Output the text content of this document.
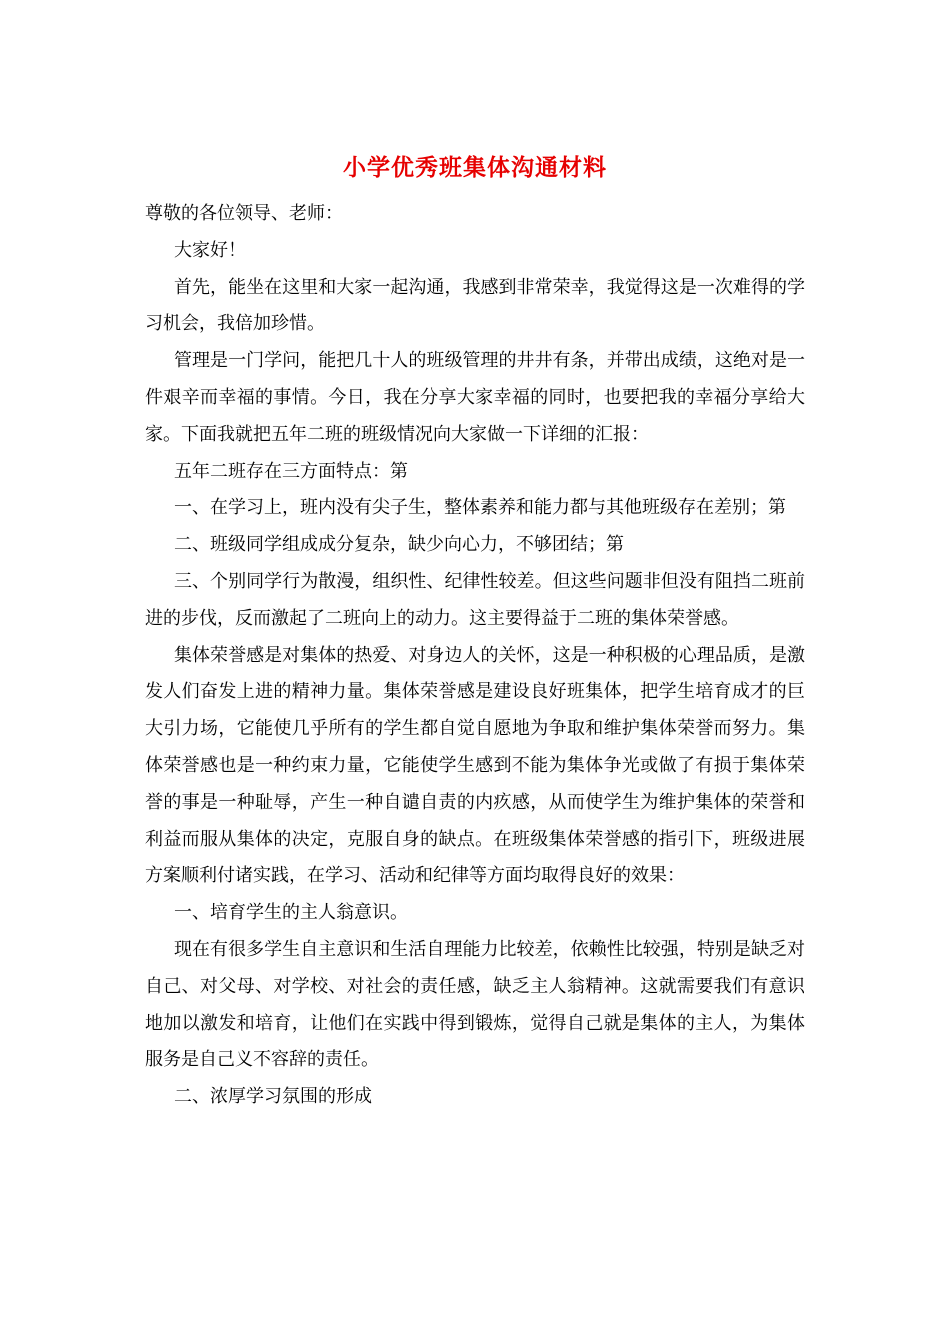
小学优秀班集体沟通材料

尊敬的各位领导、老师：

大家好！

首先，能坐在这里和大家一起沟通，我感到非常荣幸，我觉得这是一次难得的学习机会，我倍加珍惜。

管理是一门学问，能把几十人的班级管理的井井有条，并带出成绩，这绝对是一件艰辛而幸福的事情。今日，我在分享大家幸福的同时，也要把我的幸福分享给大家。下面我就把五年二班的班级情况向大家做一下详细的汇报：

五年二班存在三方面特点：第

一、在学习上，班内没有尖子生，整体素养和能力都与其他班级存在差别；第

二、班级同学组成成分复杂，缺少向心力，不够团结；第

三、个别同学行为散漫，组织性、纪律性较差。但这些问题非但没有阻挡二班前进的步伐，反而激起了二班向上的动力。这主要得益于二班的集体荣誉感。

集体荣誉感是对集体的热爱、对身边人的关怀，这是一种积极的心理品质，是激发人们奋发上进的精神力量。集体荣誉感是建设良好班集体，把学生培育成才的巨大引力场，它能使几乎所有的学生都自觉自愿地为争取和维护集体荣誉而努力。集体荣誉感也是一种约束力量，它能使学生感到不能为集体争光或做了有损于集体荣誉的事是一种耻辱，产生一种自谴自责的内疚感，从而使学生为维护集体的荣誉和利益而服从集体的决定，克服自身的缺点。在班级集体荣誉感的指引下，班级进展方案顺利付诸实践，在学习、活动和纪律等方面均取得良好的效果：

一、培育学生的主人翁意识。

现在有很多学生自主意识和生活自理能力比较差，依赖性比较强，特别是缺乏对自己、对父母、对学校、对社会的责任感，缺乏主人翁精神。这就需要我们有意识地加以激发和培育，让他们在实践中得到锻炼，觉得自己就是集体的主人，为集体服务是自己义不容辞的责任。

二、浓厚学习氛围的形成
